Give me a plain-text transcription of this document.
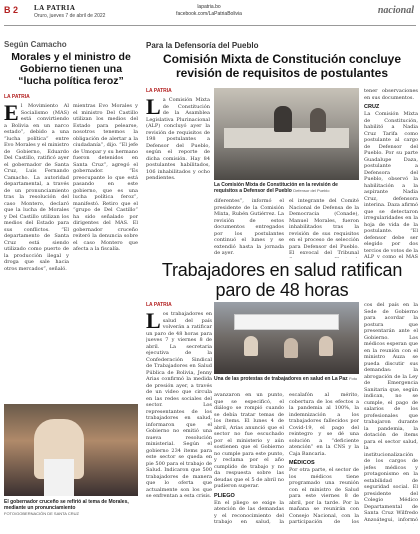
B 2 LA PATRIA
Oruro, jueves 7 de abril de 2022
lapatria.bo
facebook.com/LaPatriaBolivia	nacional
Según Camacho
Morales y el ministro de Gobierno tienen una “lucha política feroz”
LA PATRIA
El Movimiento Al Socialismo (MAS) está convirtiendo a Bolivia en un narco estado”, debido a una “lucha política” entre Evo Morales y el ministro de Gobierno, Eduardo Del Castillo, ratificó ayer el gobernador de Santa Cruz, Luis Fernando Camacho. La autoridad departamental, a través de un pronunciamiento tras la resolución del caso Montero, declaró que la lucha de Morales y Del Castillo utilizan los medios del Estado para sus conflictos. “El departamento de Santa Cruz está siendo utilizado como puerto de la producción ilegal y droga que sale hacia otros mercados”, señaló.
mientras Evo Morales y el ministro Del Castillo utilizan los medios del Estado para pelearse, nosotros tenemos la obligación de alertar a la ciudadanía”, dijo. “El jefe de Umopar y su hermano fueron detenidos en Santa Cruz”, agregó el gobernador. “Es preocupante lo que está pasando en este gobierno, que es una lucha política feroz”, manifestó. Retiro que el “grupo de Del Castillo” ha sido señalado por dirigentes del MAS. El gobernador cruceño reiteró la denuncia sobre el caso Montero que afecta a la fiscalía.
El gobernador cruceño se refirió al tema de Morales, mediante un pronunciamiento
FOTO/GOBERNACIÓN DE SANTA CRUZ
Para la Defensoría del Pueblo
Comisión Mixta de Constitución concluye revisión de requisitos de postulantes
LA PATRIA
La Comisión Mixta de Constitución de la Asamblea Legislativa Plurinacional (ALP) concluyó ayer la revisión de requisitos de 198 postulantes a Defensor del Pueblo, según el reporte de dicha comisión. Hay 84 postulantes habilitados, 106 inhabilitados y ocho pendientes.
La Comisión Mixta de Constitución en la revisión de requisitos a Defensor del Pueblo Defensor del Pueblo
diferentes”, informó el presidente de la Comisión Mixta, Rubén Gutiérrez. La revisión de estos documentos entregados por los postulantes continuó el lunes y se extendió hasta la jornada de ayer.
el integrante del Comité Nacional de Defensa de la Democracia (Conade), Manuel Morales, fueron inhabilitados tras la revisión de sus requisitos en el proceso de selección para Defensor del Pueblo. El exvocal del Tribunal
tener observaciones en sus documentos.
CRUZ
La Comisión Mixta de Constitución, habilitó a Nadia Cruz Tarifa como postulante al cargo de Defensor del Pueblo. Por su parte Guadalupe Daza, postulante a Defensora del Pueblo, observó la habilitación a la aspirante Nadia Cruz, defensora interina. Daza afirmó que se detectaron irregularidades en la hoja de vida de la postulante. “El defensor debe ser elegido por dos tercios de votos de la ALP y como el MAS
Trabajadores en salud ratifican paro de 48 horas
LA PATRIA
Los trabajadores en salud del país volverán a ratificar un paro de 48 horas para jueves 7 y viernes 8 de abril. La secretaria ejecutiva de la Confederación Sindical de Trabajadores en Salud Pública de Bolivia, Jenny Arias confirmó la medida de presión ayer, a través de un video que circula en las redes sociales del sector. Los representantes de los trabajadores en salud, informaron que el Gobierno no emitió una nueva resolución ministerial. Según el gobierno 234 ítems para este sector se queda en pie 500 para el trabajo de Salud. Indicaron que 500 trabajadores de manera que lo oferta que actualmente son los que se enfrentan a esta crisis.
Una de las protestas de trabajadores en salud en La Paz Foto
avanzaron en un punto, que se especificó, el diálogo se rompió cuando se debía tratar temas de los ítems. El lunes 4 de abril, Arias anunció que el sector no fue escuchado por el ministerio y aún sostienen que el Gobierno no cumple para este punto, y reclama por el año cumplido de trabajo y no da respuesta sobre las deudas que el 5 de abril no pudieron superar.
PLIEGO
En el pliego se exige la atención de las demandas y el reconocimiento del trabajo en salud, la
escalafón al mérito, cobertura de los efectos a la pandemia al 100%, la indemnización a los trabajadores fallecidos por Covid-19, el pago del reintegro y se dé una solución a “deficiente atención” en la CNS y la Caja Bancaria.
MÉDICOS
Por otra parte, el sector de los médicos tiene programado una reunión con el ministro de Salud para este viernes 8 de abril, por la tarde. Por la mañana se reunirán con Consejo Nacional, con la participación de los
cos del país en la Sede de Gobierno para acordar la postura que presentarán ante el Gobierno. Los médicos esperan que en la reunión con el ministro Auza se pueda discutir sus demandas: la abrogación de la Ley de Emergencia Sanitaria que, según indican, no se cumple, el pago de salarios de los profesionales que trabajaron durante la pandemia, la dotación de ítems para el sector salud, la institucionalización de los cargos de jefes médicos y protagonismo en la estabilidad de seguridad social. El presidente del Colegio Médico Departamental de Santa Cruz Wilfredo Anzoátegui, informó
